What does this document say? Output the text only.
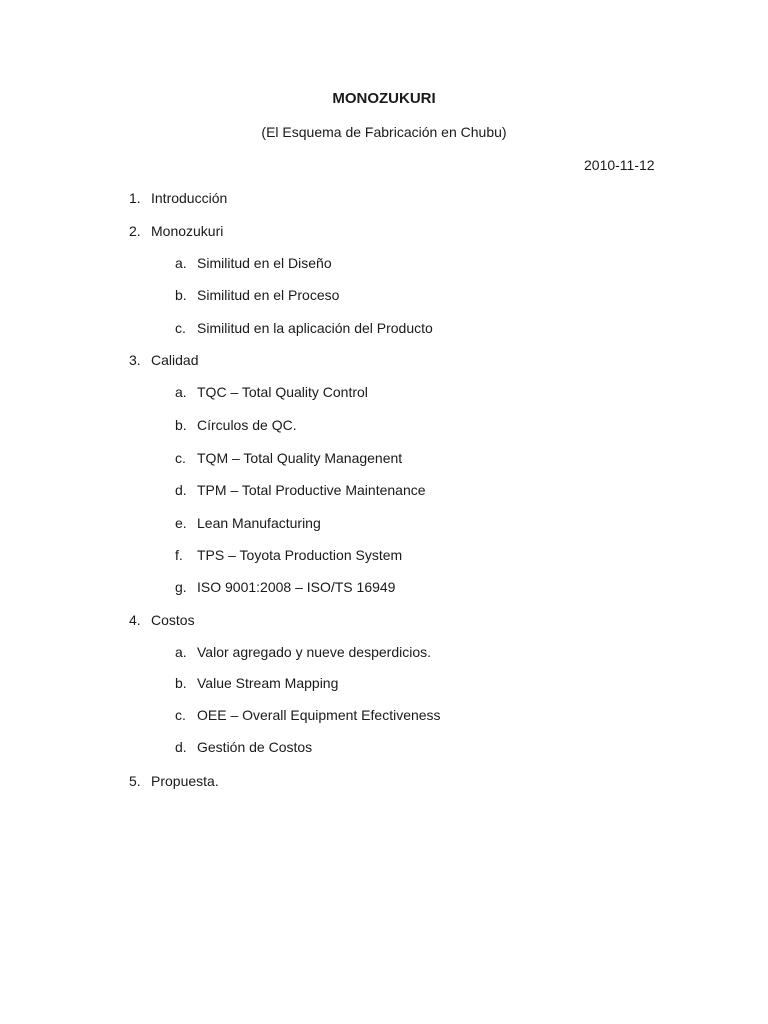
MONOZUKURI
(El Esquema de Fabricación en Chubu)
2010-11-12
1. Introducción
2. Monozukuri
a. Similitud en el Diseño
b. Similitud en el Proceso
c. Similitud en la aplicación del Producto
3. Calidad
a. TQC – Total Quality Control
b. Círculos de QC.
c. TQM – Total Quality Managenent
d. TPM – Total Productive Maintenance
e. Lean Manufacturing
f. TPS – Toyota Production System
g. ISO 9001:2008 – ISO/TS 16949
4. Costos
a. Valor agregado y nueve desperdicios.
b. Value Stream Mapping
c. OEE – Overall Equipment Efectiveness
d. Gestión de Costos
5. Propuesta.
